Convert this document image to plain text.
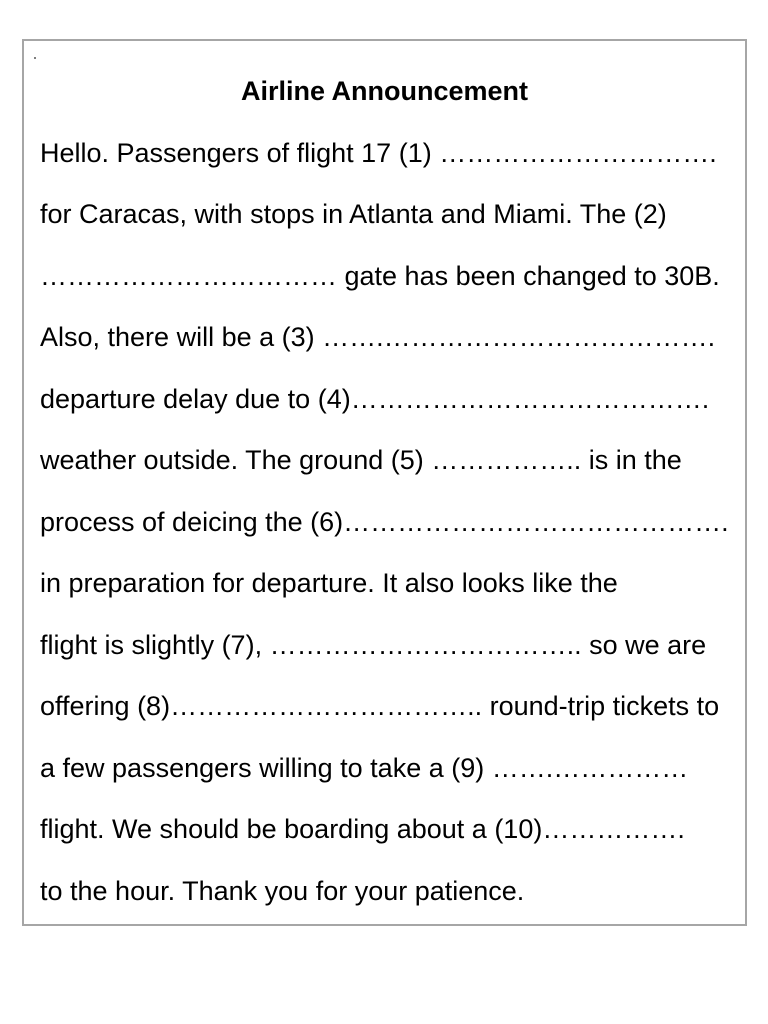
Airline Announcement
Hello. Passengers of flight 17 (1) ………………………….
for Caracas, with stops in Atlanta and Miami. The (2)
…………………………… gate has been changed to 30B.
Also, there will be a (3) …….……………………………….
departure delay due to (4)………………………………….
weather outside. The ground (5) …………….. is in the
process of deicing the (6)…………………………………….
in preparation for departure. It also looks like the
flight is slightly (7), …………………………….. so we are
offering (8)…………………………….. round-trip tickets to
a few passengers willing to take a (9) …….……………
flight. We should be boarding about a (10)…………….
to the hour. Thank you for your patience.
